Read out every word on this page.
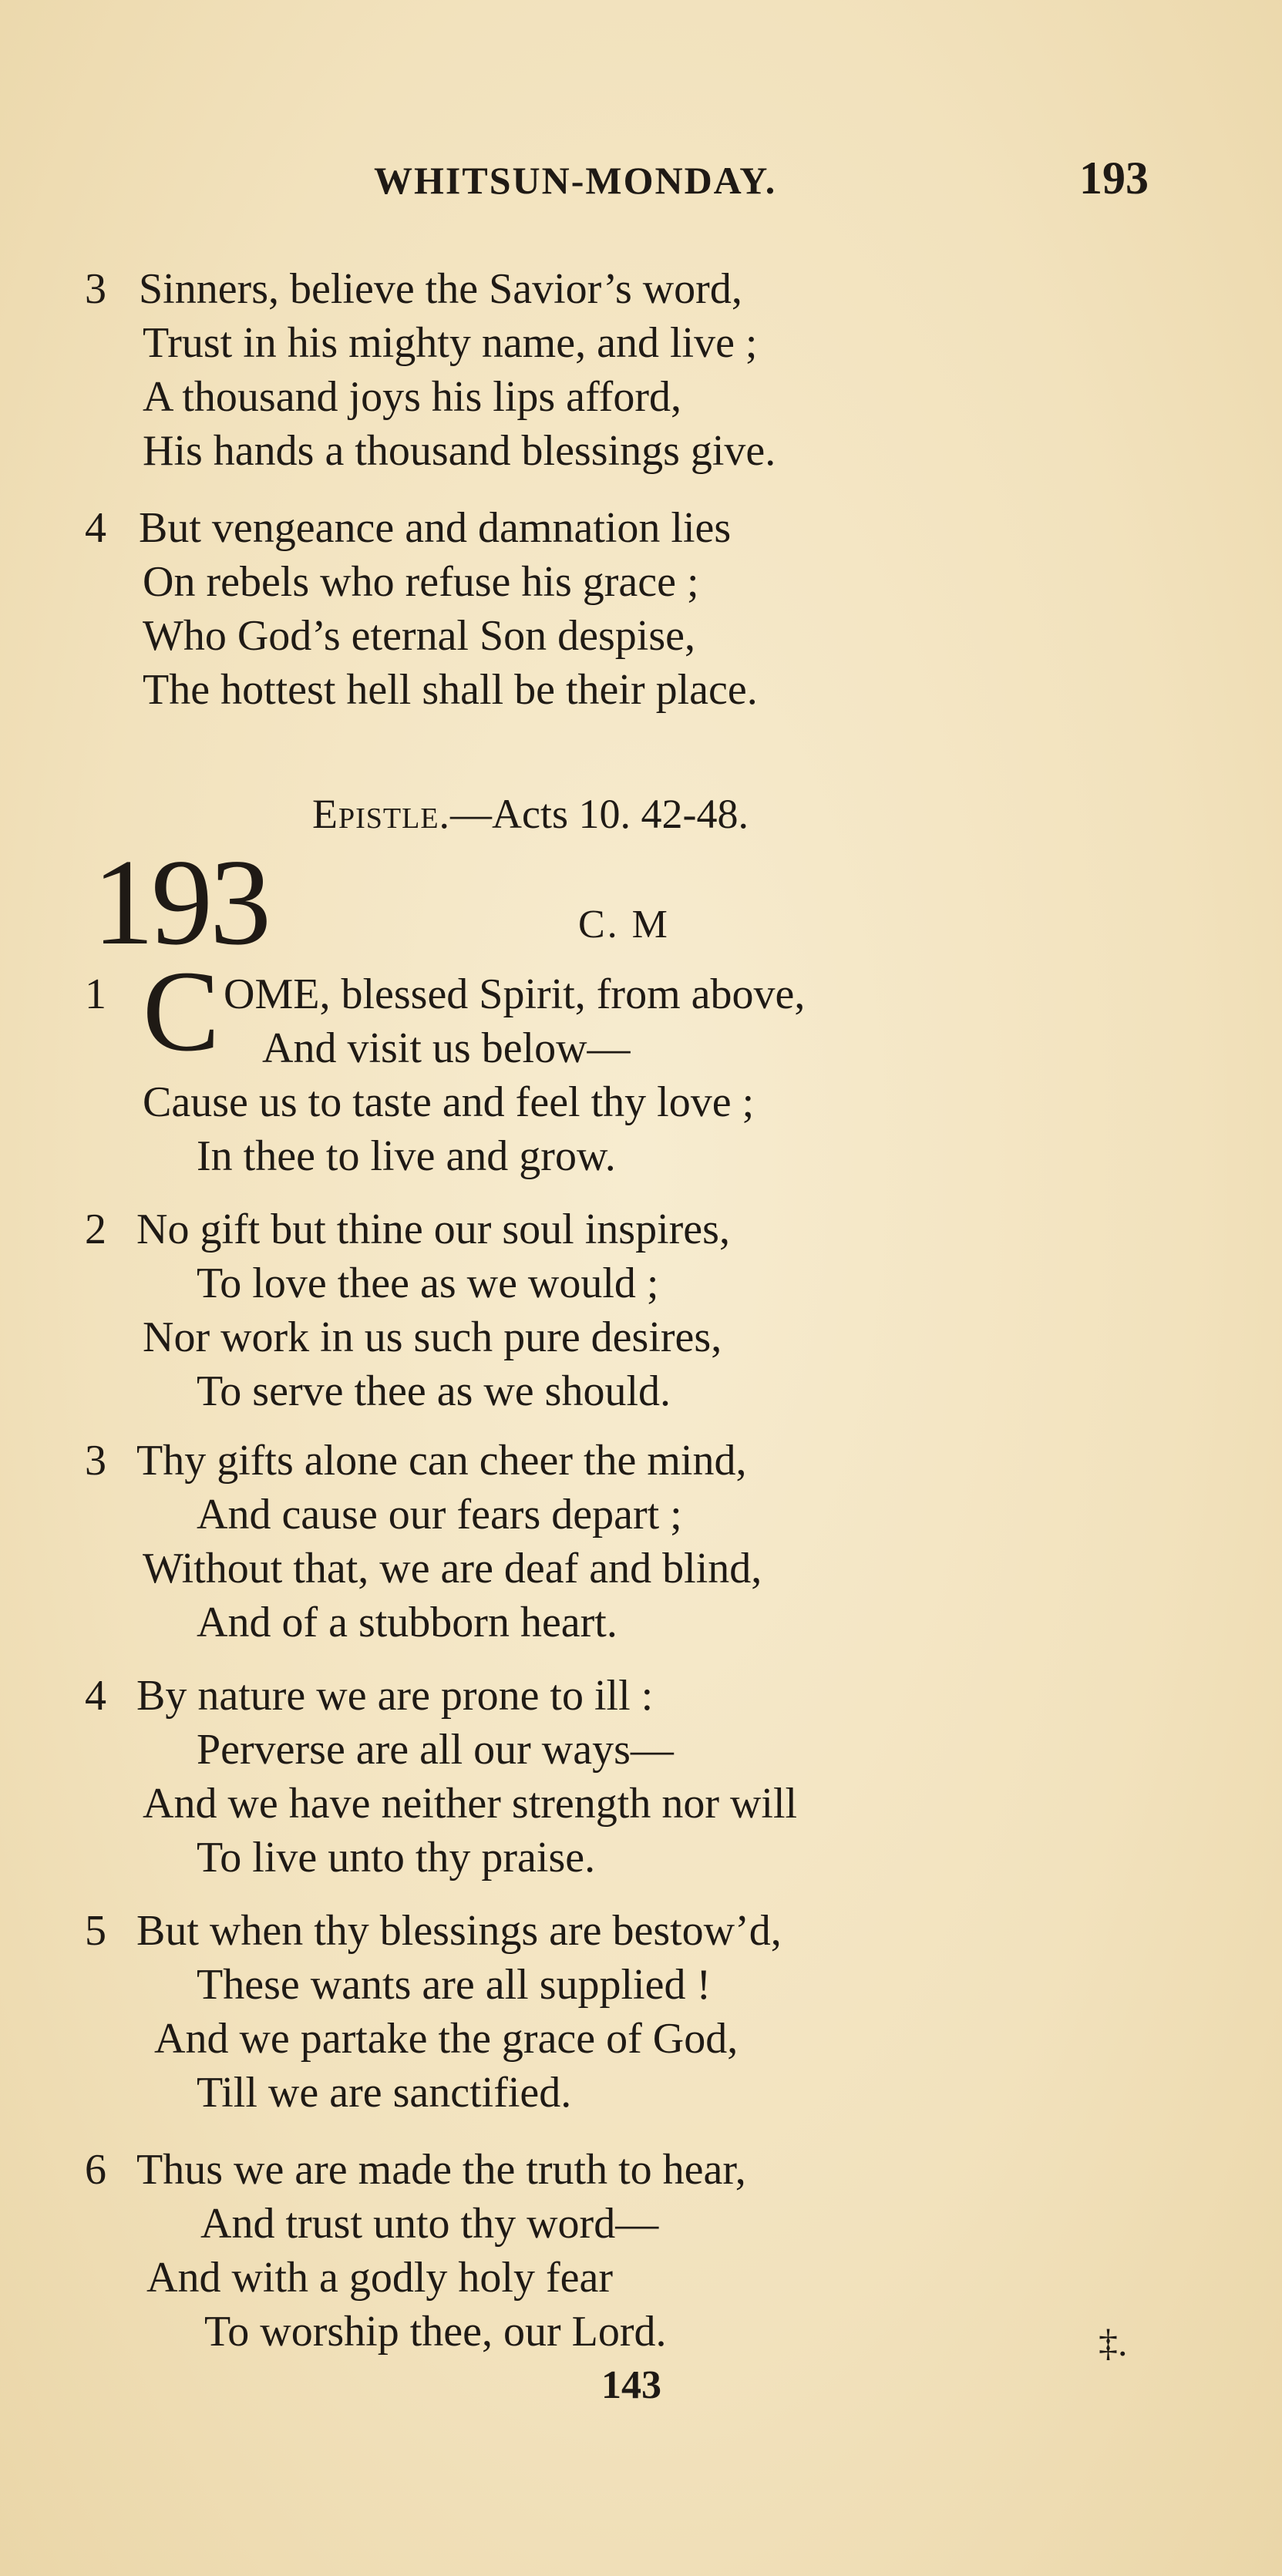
WHITSUN-MONDAY.	193
3 Sinners, believe the Savior’s word,
Trust in his mighty name, and live ;
A thousand joys his lips afford,
His hands a thousand blessings give.
4 But vengeance and damnation lies
On rebels who refuse his grace ;
Who God’s eternal Son despise,
The hottest hell shall be their place.
Epistle.—Acts 10. 42-48.
193	C. M
1 C OME, blessed Spirit, from above,
And visit us below—
Cause us to taste and feel thy love ;
In thee to live and grow.
2 No gift but thine our soul inspires,
To love thee as we would ;
Nor work in us such pure desires,
To serve thee as we should.
3 Thy gifts alone can cheer the mind,
And cause our fears depart ;
Without that, we are deaf and blind,
And of a stubborn heart.
4 By nature we are prone to ill :
Perverse are all our ways—
And we have neither strength nor will
To live unto thy praise.
5 But when thy blessings are bestow’d,
These wants are all supplied !
And we partake the grace of God,
Till we are sanctified.
6 Thus we are made the truth to hear,
And trust unto thy word—
And with a godly holy fear
To worship thee, our Lord.
143
‡.
